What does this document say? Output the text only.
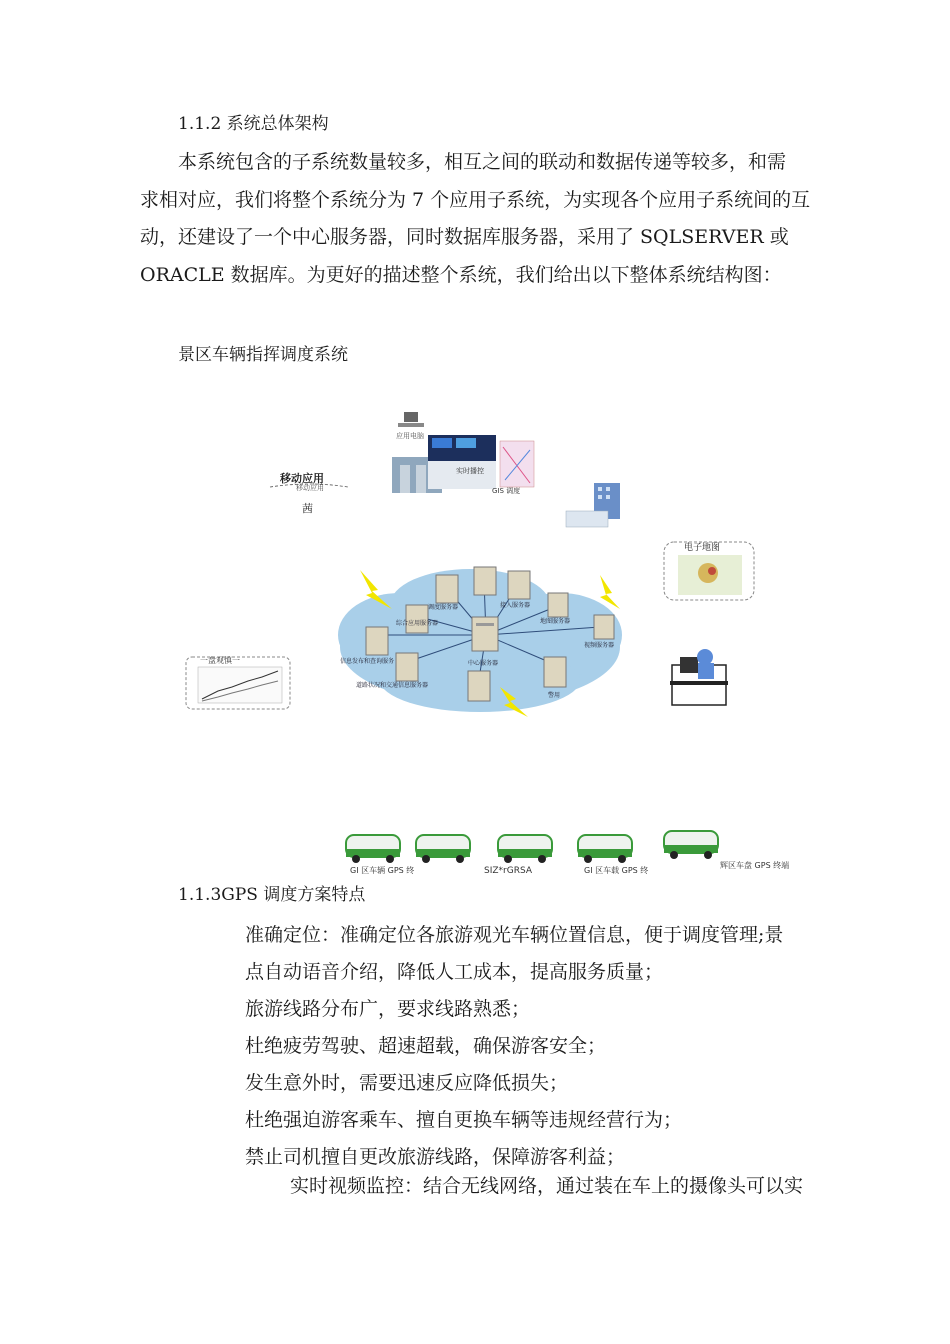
1.1.2 系统总体架构
本系统包含的子系统数量较多，相互之间的联动和数据传递等较多，和需
求相对应，我们将整个系统分为 7 个应用子系统，为实现各个应用子系统间的互
动，还建设了一个中心服务器，同时数据库服务器，采用了 SQLSERVER 或
ORACLE 数据库。为更好的描述整个系统，我们给出以下整体系统结构图：
景区车辆指挥调度系统
应用电脑
实时播控
GIS 调度
移动应用
移动应用
茜
电子地图
一盘观慎一	中心服务器
调度服务器	接入服务器
地图服务器
视频服务器
综合应用服务器
信息发布和查询服务
道路状况和交通信息服务器
警用
GI 区车辆 GPS 终	SIZ*rGRSA	GI 区车载 GPS 终
辉区车盘 GPS 终端
1.1.3GPS 调度方案特点
准确定位：准确定位各旅游观光车辆位置信息，便于调度管理;景
点自动语音介绍，降低人工成本，提高服务质量；
旅游线路分布广，要求线路熟悉；
杜绝疲劳驾驶、超速超载，确保游客安全；
发生意外时，需要迅速反应降低损失；
杜绝强迫游客乘车、擅自更换车辆等违规经营行为；
禁止司机擅自更改旅游线路，保障游客利益；
实时视频监控：结合无线网络，通过装在车上的摄像头可以实
